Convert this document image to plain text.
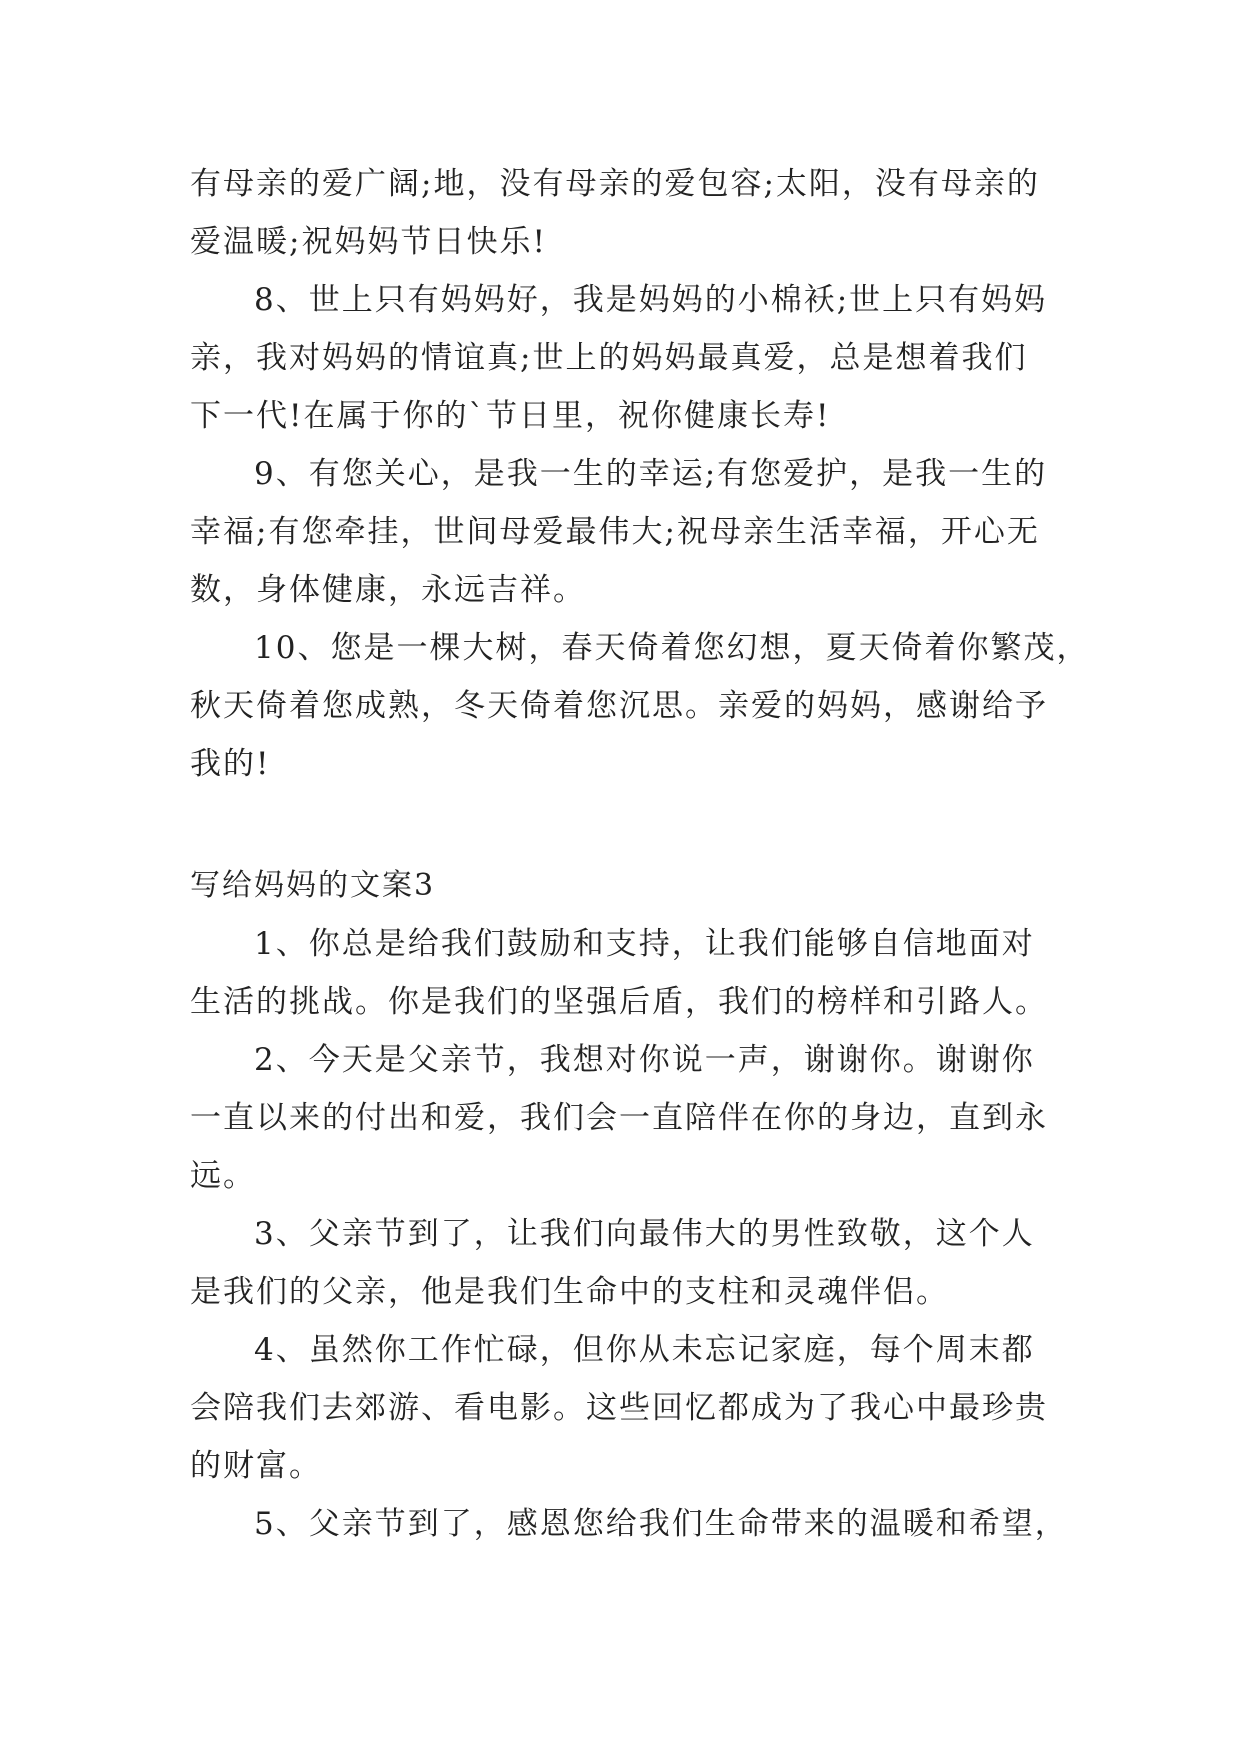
有母亲的爱广阔;地，没有母亲的爱包容;太阳，没有母亲的
爱温暖;祝妈妈节日快乐!
8、世上只有妈妈好，我是妈妈的小棉袄;世上只有妈妈
亲，我对妈妈的情谊真;世上的妈妈最真爱，总是想着我们
下一代!在属于你的`节日里，祝你健康长寿!
9、有您关心，是我一生的幸运;有您爱护，是我一生的
幸福;有您牵挂，世间母爱最伟大;祝母亲生活幸福，开心无
数，身体健康，永远吉祥。
10、您是一棵大树，春天倚着您幻想，夏天倚着你繁茂，
秋天倚着您成熟，冬天倚着您沉思。亲爱的妈妈，感谢给予
我的!
写给妈妈的文案3
1、你总是给我们鼓励和支持，让我们能够自信地面对
生活的挑战。你是我们的坚强后盾，我们的榜样和引路人。
2、今天是父亲节，我想对你说一声，谢谢你。谢谢你
一直以来的付出和爱，我们会一直陪伴在你的身边，直到永
远。
3、父亲节到了，让我们向最伟大的男性致敬，这个人
是我们的父亲，他是我们生命中的支柱和灵魂伴侣。
4、虽然你工作忙碌，但你从未忘记家庭，每个周末都
会陪我们去郊游、看电影。这些回忆都成为了我心中最珍贵
的财富。
5、父亲节到了，感恩您给我们生命带来的温暖和希望，
